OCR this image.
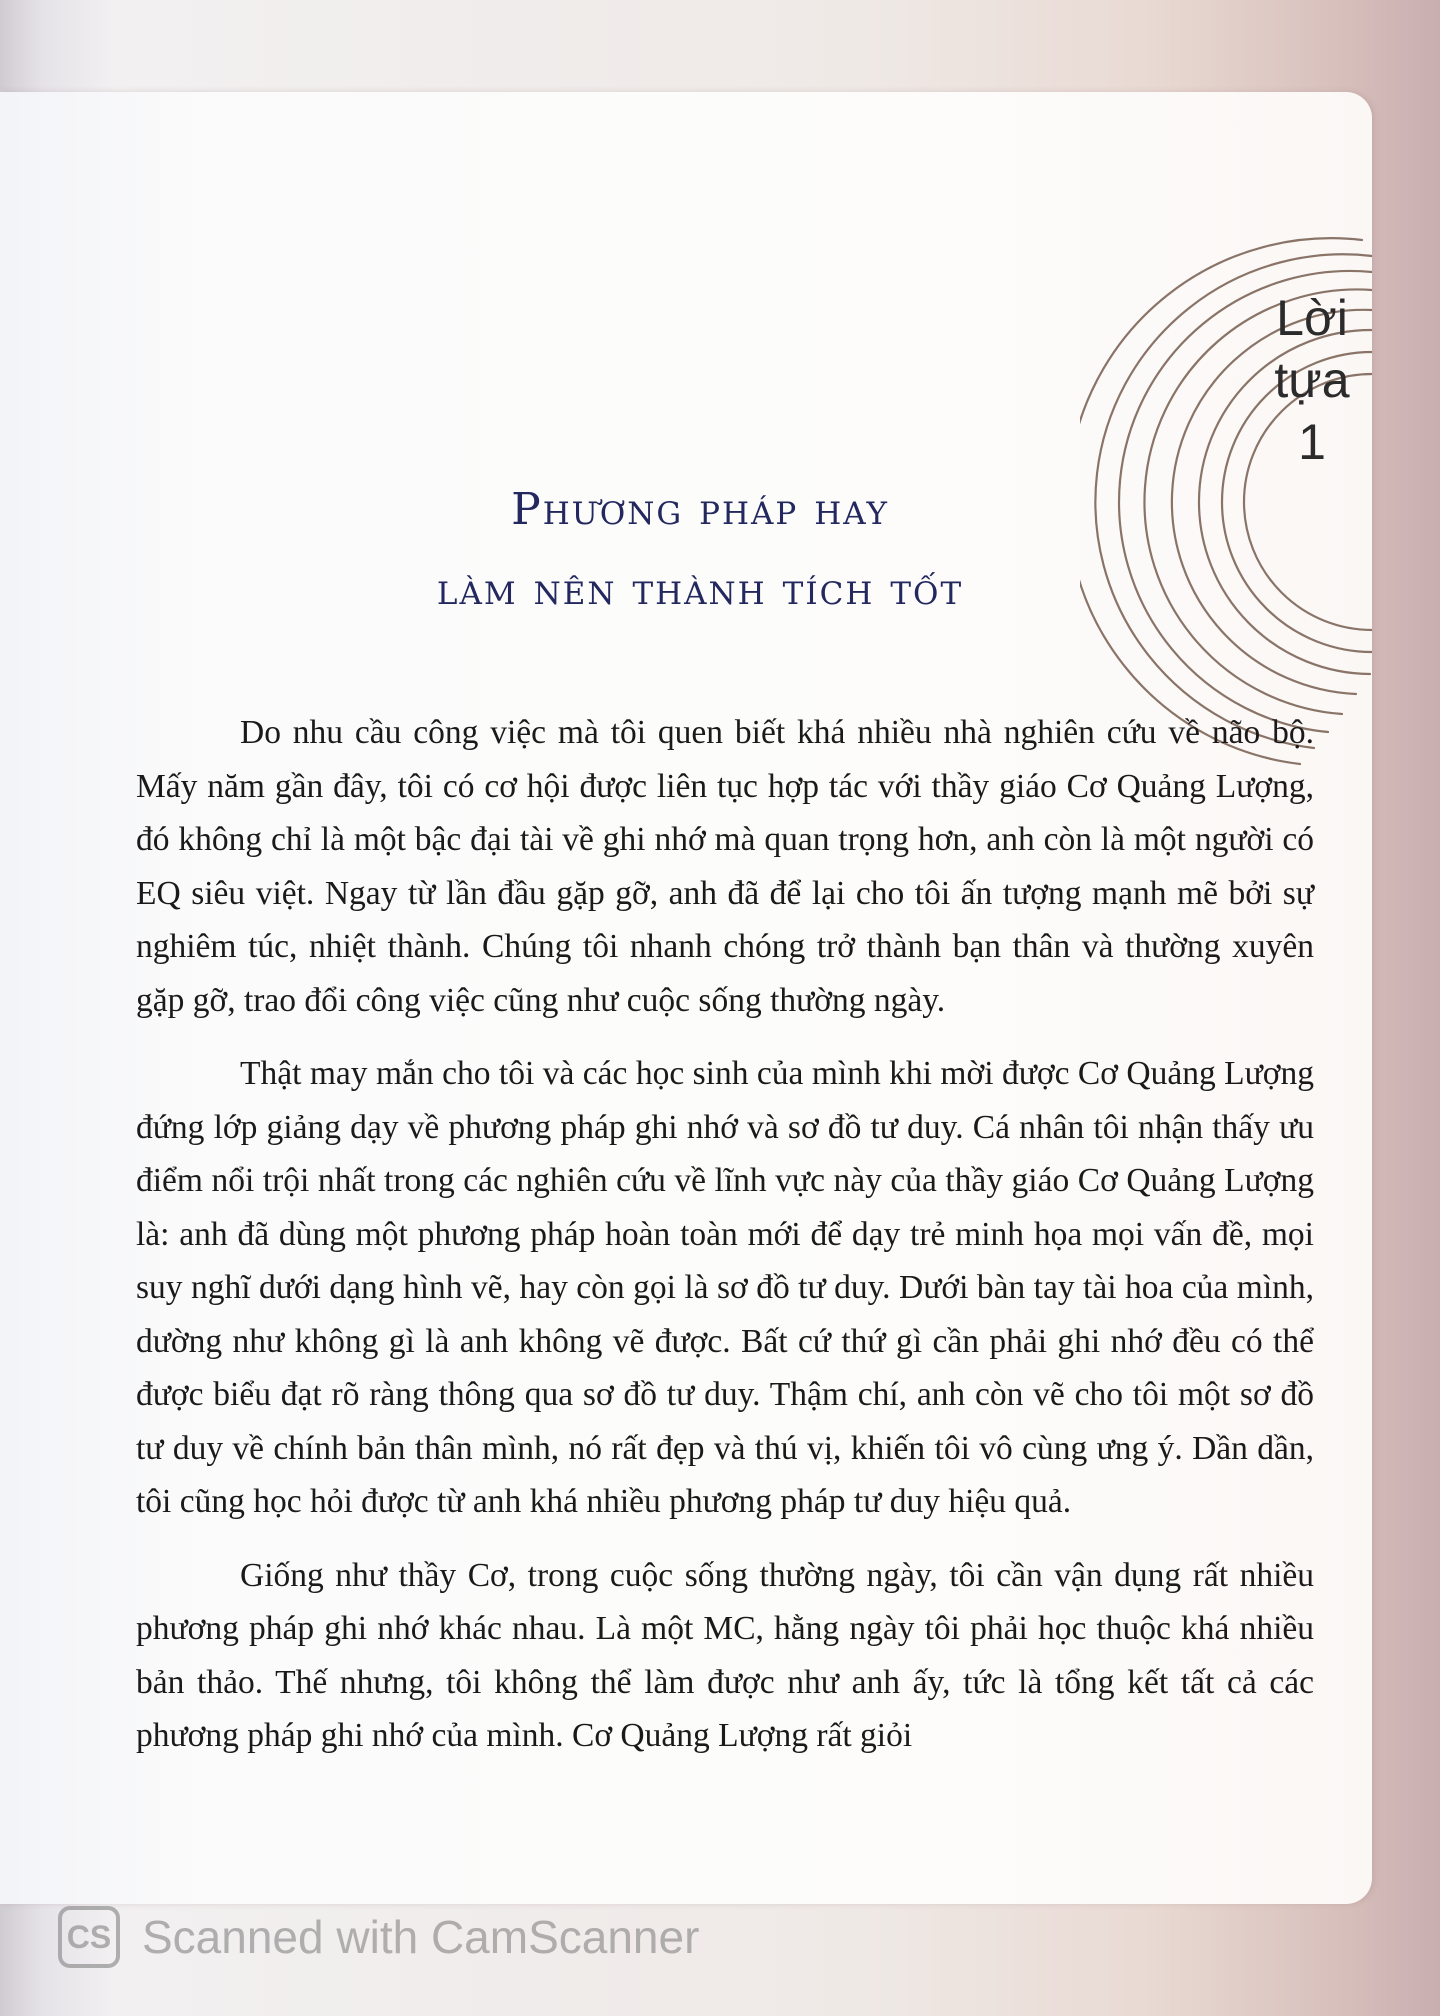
Lời
tựa
1
Phương pháp hay
làm nên thành tích tốt

Do nhu cầu công việc mà tôi quen biết khá nhiều nhà nghiên cứu về não bộ. Mấy năm gần đây, tôi có cơ hội được liên tục hợp tác với thầy giáo Cơ Quảng Lượng, đó không chỉ là một bậc đại tài về ghi nhớ mà quan trọng hơn, anh còn là một người có EQ siêu việt. Ngay từ lần đầu gặp gỡ, anh đã để lại cho tôi ấn tượng mạnh mẽ bởi sự nghiêm túc, nhiệt thành. Chúng tôi nhanh chóng trở thành bạn thân và thường xuyên gặp gỡ, trao đổi công việc cũng như cuộc sống thường ngày.

Thật may mắn cho tôi và các học sinh của mình khi mời được Cơ Quảng Lượng đứng lớp giảng dạy về phương pháp ghi nhớ và sơ đồ tư duy. Cá nhân tôi nhận thấy ưu điểm nổi trội nhất trong các nghiên cứu về lĩnh vực này của thầy giáo Cơ Quảng Lượng là: anh đã dùng một phương pháp hoàn toàn mới để dạy trẻ minh họa mọi vấn đề, mọi suy nghĩ dưới dạng hình vẽ, hay còn gọi là sơ đồ tư duy. Dưới bàn tay tài hoa của mình, dường như không gì là anh không vẽ được. Bất cứ thứ gì cần phải ghi nhớ đều có thể được biểu đạt rõ ràng thông qua sơ đồ tư duy. Thậm chí, anh còn vẽ cho tôi một sơ đồ tư duy về chính bản thân mình, nó rất đẹp và thú vị, khiến tôi vô cùng ưng ý. Dần dần, tôi cũng học hỏi được từ anh khá nhiều phương pháp tư duy hiệu quả.

Giống như thầy Cơ, trong cuộc sống thường ngày, tôi cần vận dụng rất nhiều phương pháp ghi nhớ khác nhau. Là một MC, hằng ngày tôi phải học thuộc khá nhiều bản thảo. Thế nhưng, tôi không thể làm được như anh ấy, tức là tổng kết tất cả các phương pháp ghi nhớ của mình. Cơ Quảng Lượng rất giỏi

CS Scanned with CamScanner
